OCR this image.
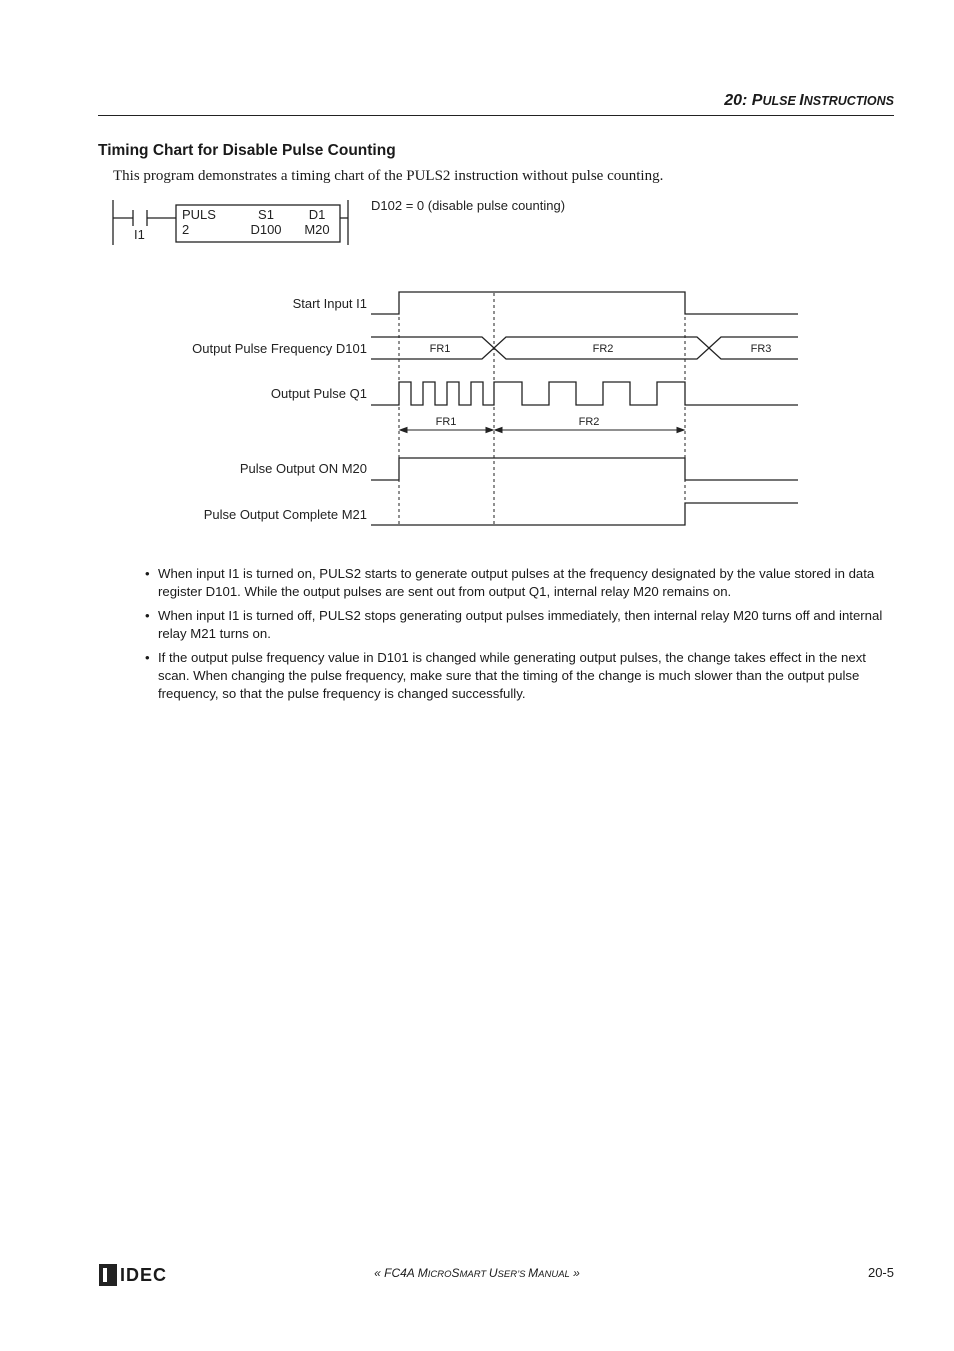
20: PULSE INSTRUCTIONS
Timing Chart for Disable Pulse Counting
This program demonstrates a timing chart of the PULS2 instruction without pulse counting.
I1
PULS
2
S1
D100
D1
M20
D102 = 0 (disable pulse counting)
Start Input I1
Output Pulse Frequency D101
Output Pulse Q1
Pulse Output ON M20
Pulse Output Complete M21
FR1	FR2	FR3
FR1	FR2
• When input I1 is turned on, PULS2 starts to generate output pulses at the frequency designated by the value stored in data register D101. While the output pulses are sent out from output Q1, internal relay M20 remains on.
• When input I1 is turned off, PULS2 stops generating output pulses immediately, then internal relay M20 turns off and internal relay M21 turns on.
• If the output pulse frequency value in D101 is changed while generating output pulses, the change takes effect in the next scan. When changing the pulse frequency, make sure that the timing of the change is much slower than the output pulse frequency, so that the pulse frequency is changed successfully.
IDEC	« FC4A MICROSMART USER’S MANUAL »	20-5
